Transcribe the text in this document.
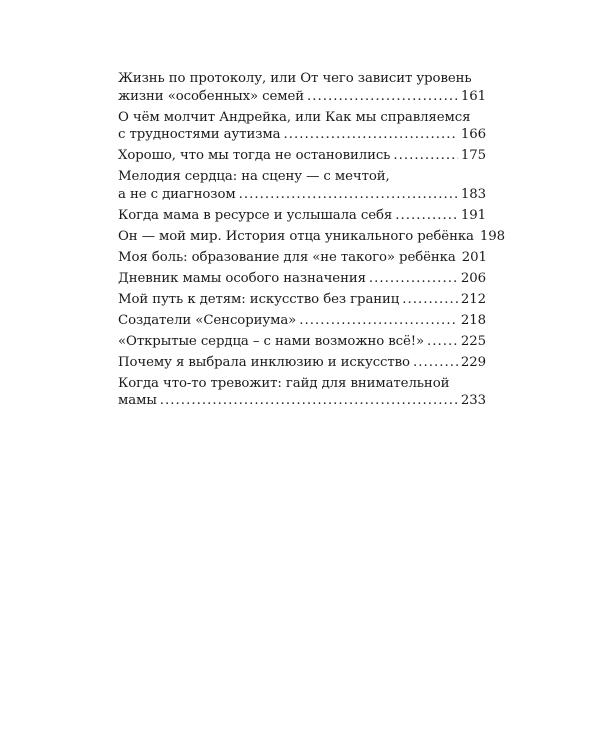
Жизнь по протоколу, или От чего зависит уровень
жизни «особенных» семей . . .	161
О чём молчит Андрейка, или Как мы справляемся
с трудностями аутизма . . .	166
Хорошо, что мы тогда не остановились . . .	175
Мелодия сердца: на сцену — с мечтой,
а не с диагнозом . . .	183
Когда мама в ресурсе и услышала себя . . .	191
Он — мой мир. История отца уникального ребёнка 198
Моя боль: образование для «не такого» ребёнка 201
Дневник мамы особого назначения . . .	206
Мой путь к детям: искусство без границ . . .	212
Создатели «Сенсориума» . . .	218
«Открытые сердца – с нами возможно всё!» . . .	225
Почему я выбрала инклюзию и искусство . . .	229
Когда что-то тревожит: гайд для внимательной
мамы . . .	233
